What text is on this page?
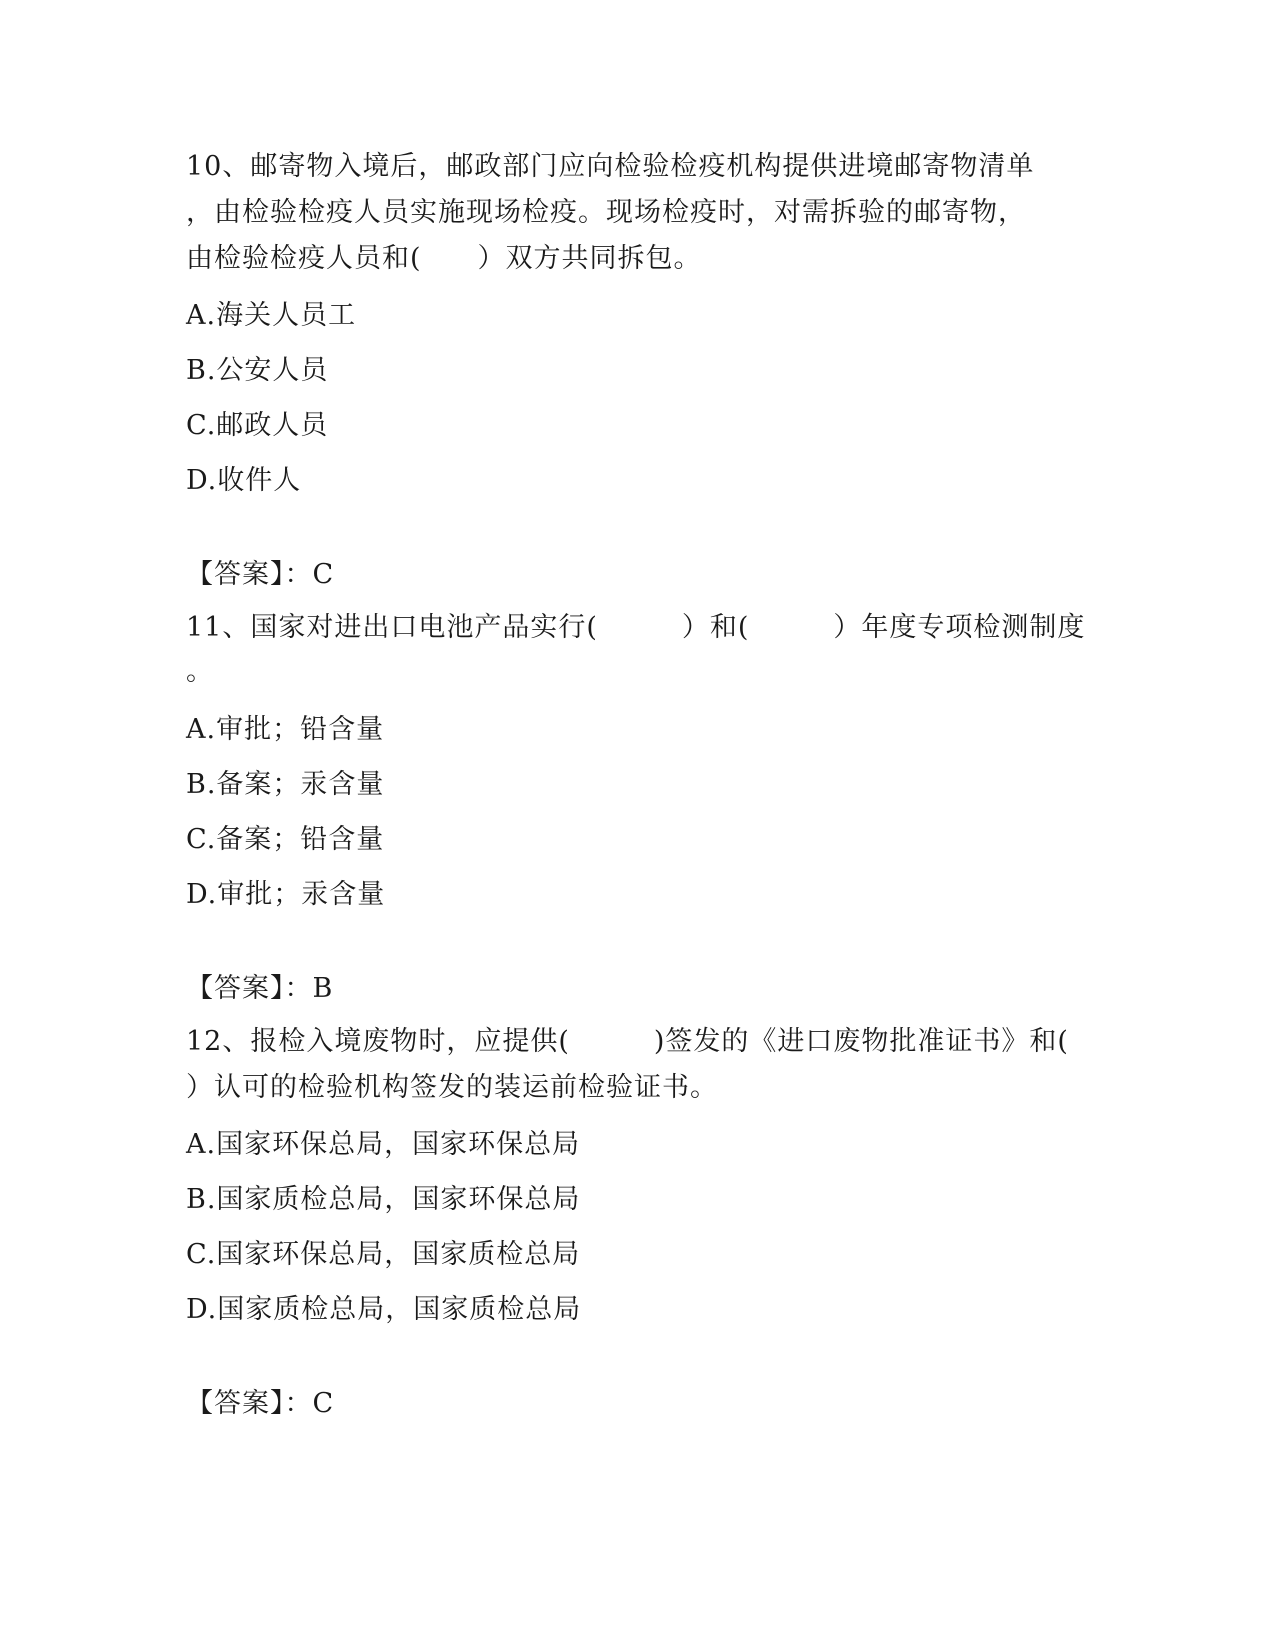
10、邮寄物入境后，邮政部门应向检验检疫机构提供进境邮寄物清单
，由检验检疫人员实施现场检疫。现场检疫时，对需拆验的邮寄物，
由检验检疫人员和(　　）双方共同拆包。
A.海关人员工
B.公安人员
C.邮政人员
D.收件人
【答案】：C
11、国家对进出口电池产品实行(　　　）和(　　　）年度专项检测制度
。
A.审批；铅含量
B.备案；汞含量
C.备案；铅含量
D.审批；汞含量
【答案】：B
12、报检入境废物时，应提供(　　　)签发的《进口废物批准证书》和(
）认可的检验机构签发的装运前检验证书。
A.国家环保总局，国家环保总局
B.国家质检总局，国家环保总局
C.国家环保总局，国家质检总局
D.国家质检总局，国家质检总局
【答案】：C
